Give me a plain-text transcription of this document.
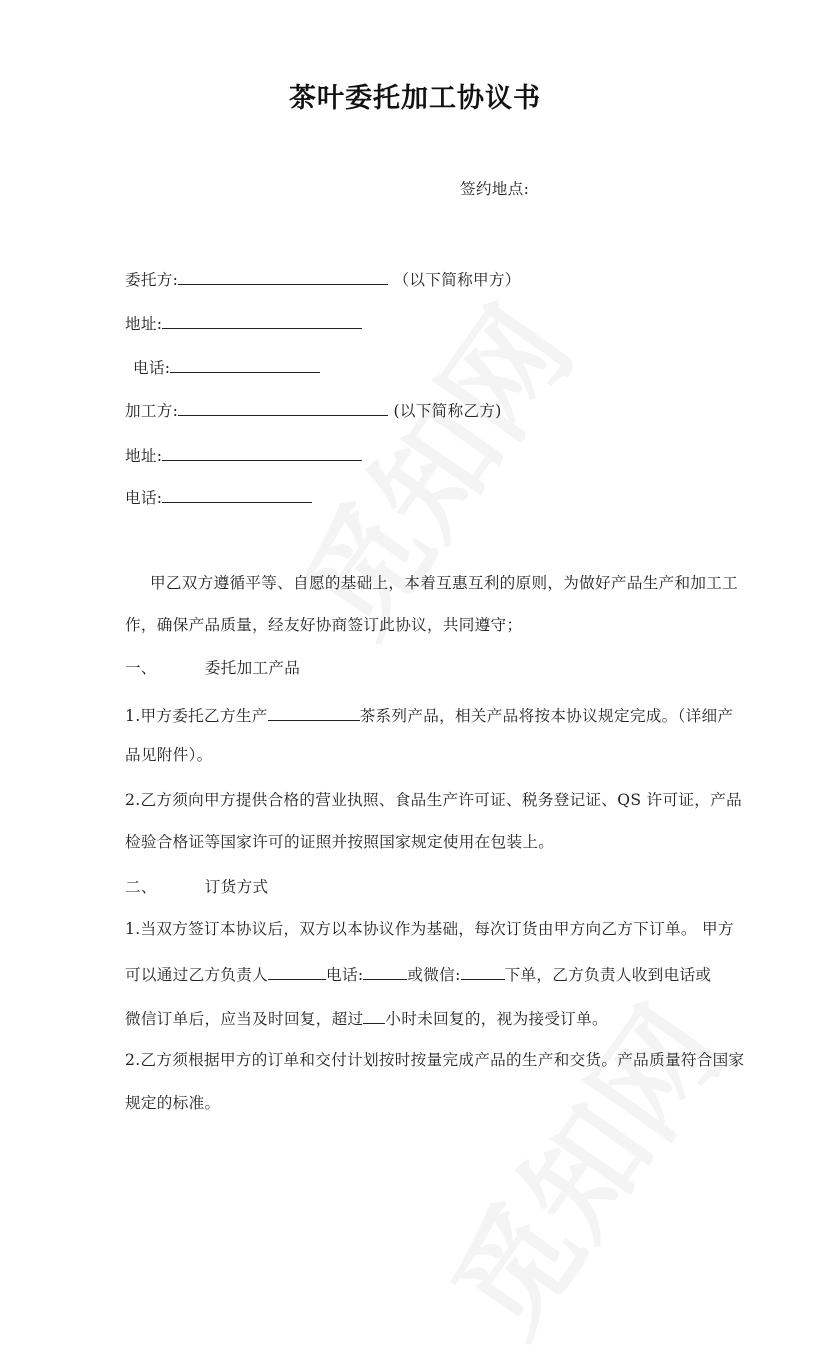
茶叶委托加工协议书
签约地点:
委托方:	（以下简称甲方）
地址:
电话:
加工方:	(以下简称乙方)
地址:
电话:
甲乙双方遵循平等、自愿的基础上，本着互惠互利的原则，为做好产品生产和加工工
作，确保产品质量，经友好协商签订此协议，共同遵守；
一、	委托加工产品
1.甲方委托乙方生产	茶系列产品，相关产品将按本协议规定完成。（详细产
品见附件）。
2.乙方须向甲方提供合格的营业执照、食品生产许可证、税务登记证、QS 许可证，产品
检验合格证等国家许可的证照并按照国家规定使用在包装上。
二、	订货方式
1.当双方签订本协议后，双方以本协议作为基础，每次订货由甲方向乙方下订单。 甲方
可以通过乙方负责人	电话:	或微信:	下单，乙方负责人收到电话或
微信订单后，应当及时回复，超过 小时未回复的，视为接受订单。
2.乙方须根据甲方的订单和交付计划按时按量完成产品的生产和交货。产品质量符合国家
规定的标准。
